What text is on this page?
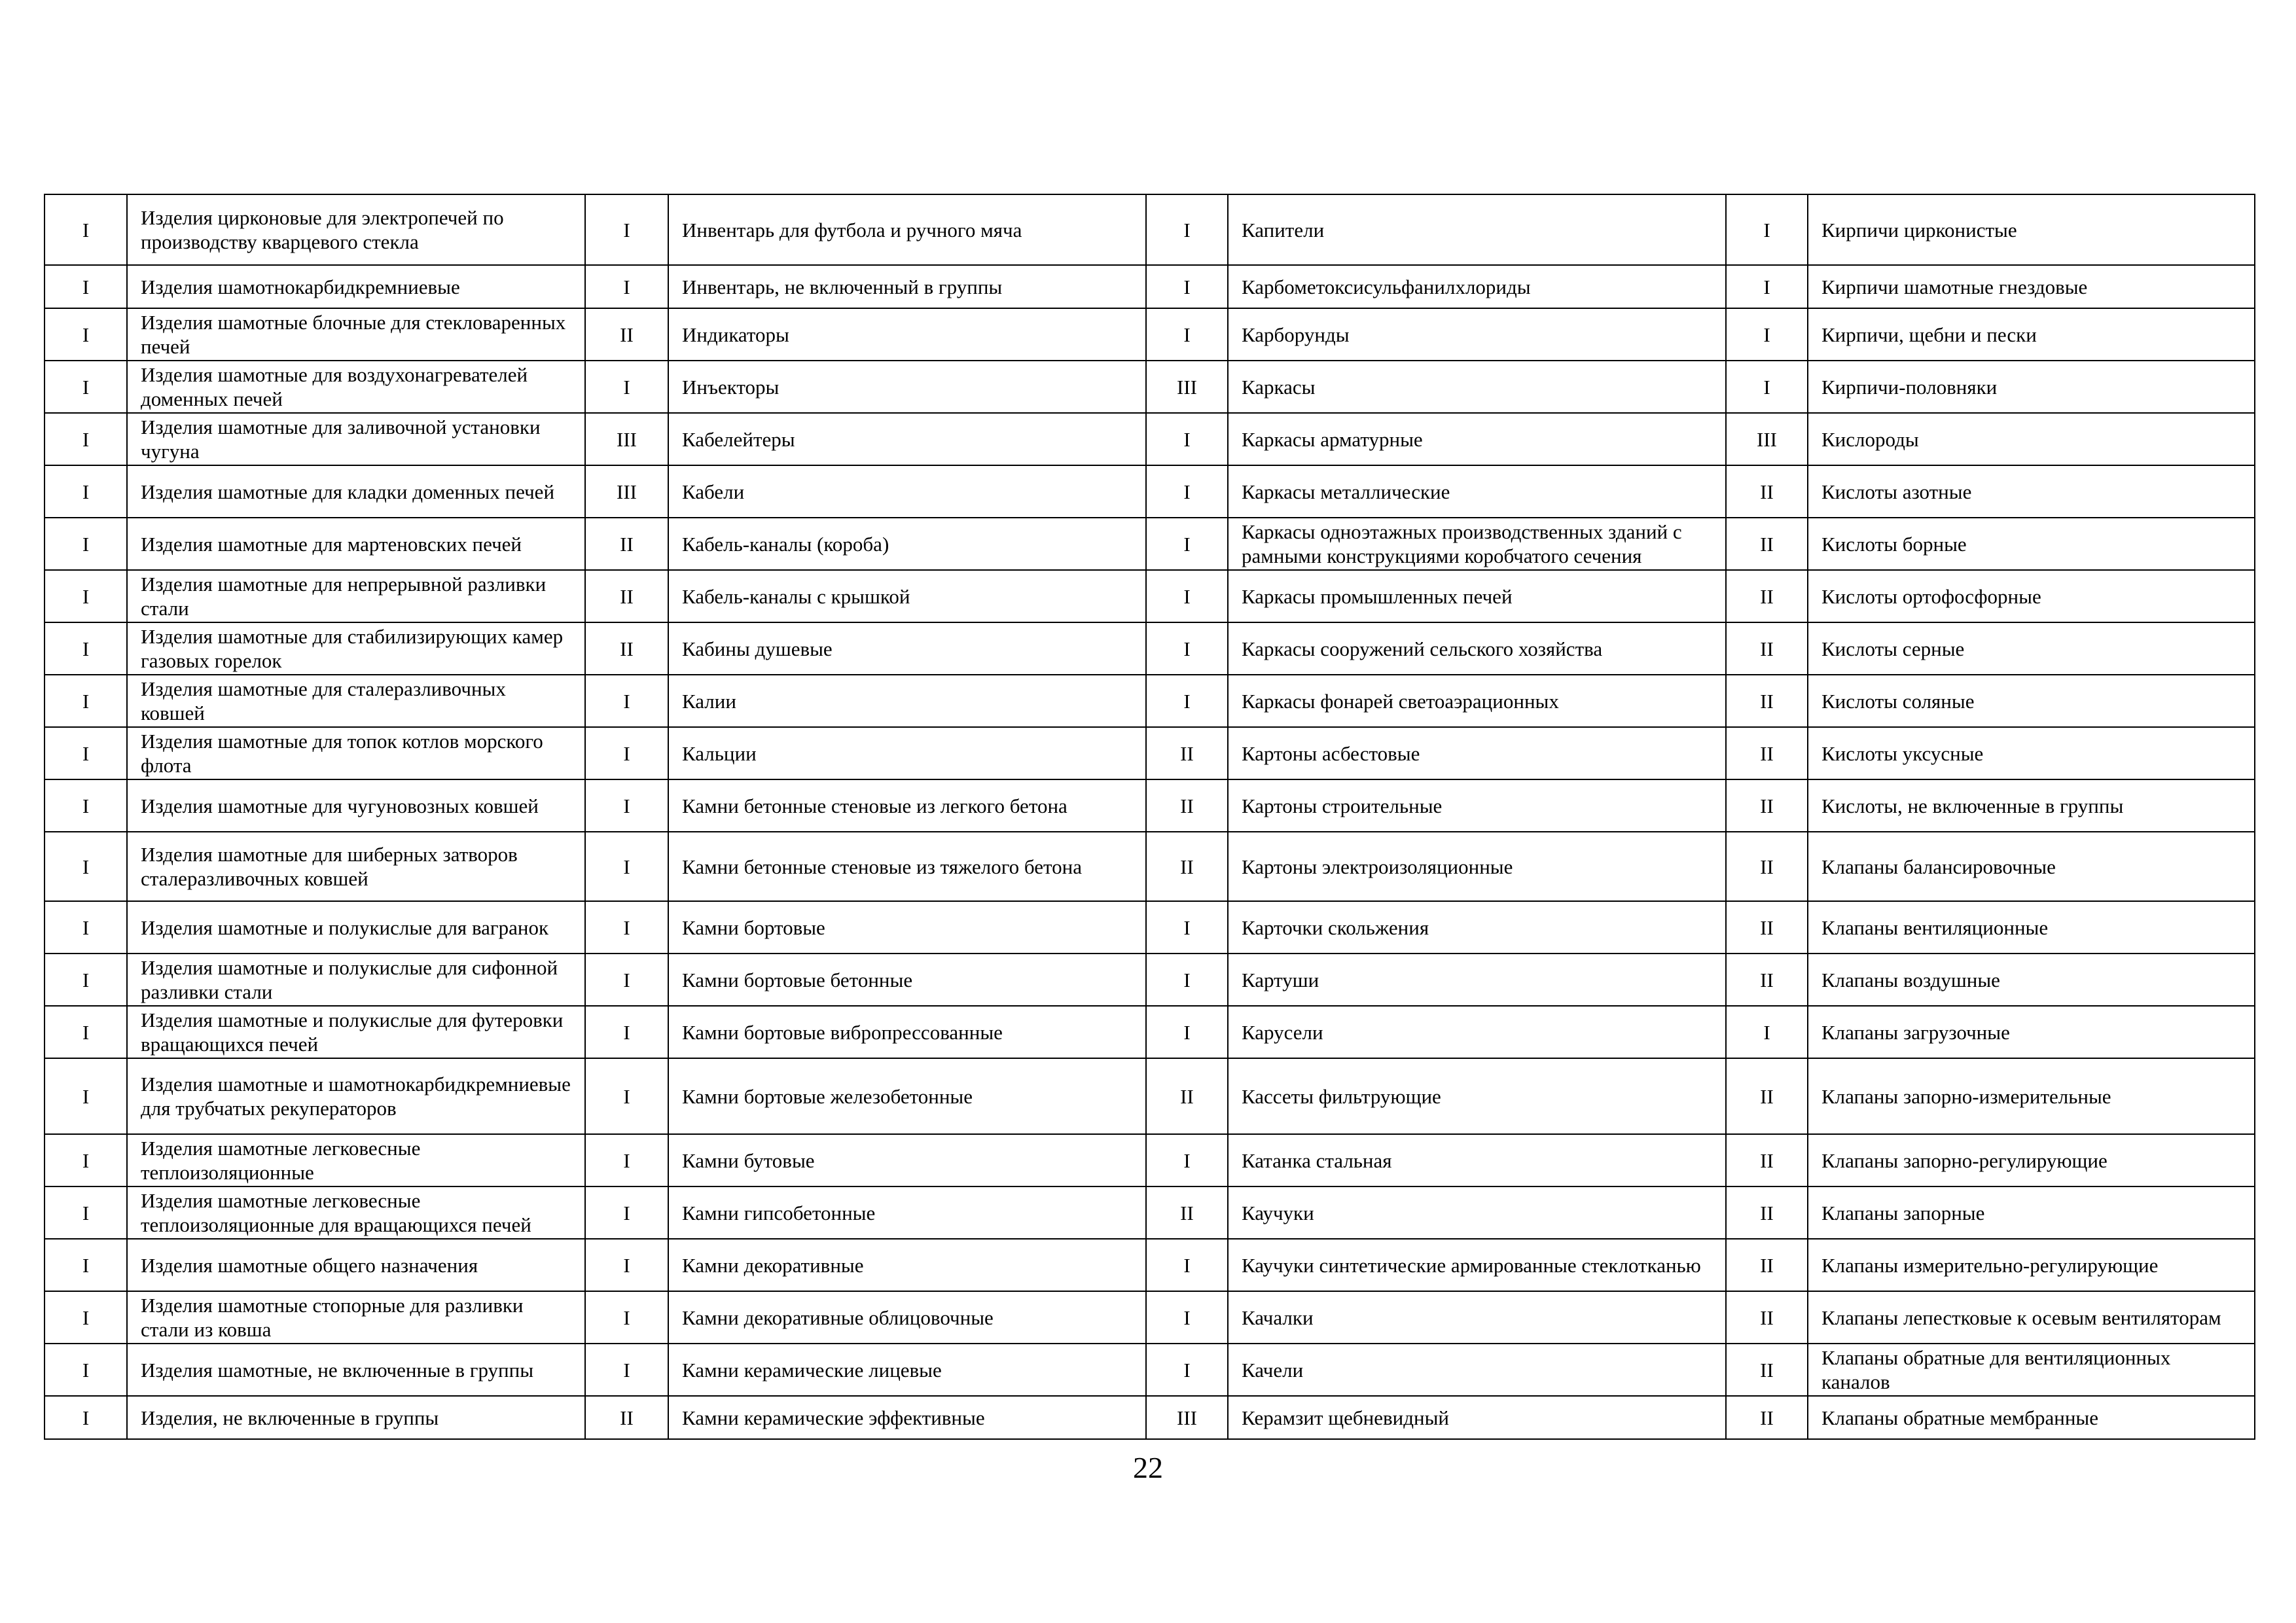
I	Изделия цирконовые для электропечей по производству кварцевого стекла	I	Инвентарь для футбола и ручного мяча	I	Капители	I	Кирпичи цирконистые
I	Изделия шамотнокарбидкремниевые	I	Инвентарь, не включенный в группы	I	Карбометоксисульфанилхлориды	I	Кирпичи шамотные гнездовые
I	Изделия шамотные блочные для стекловаренных печей	II	Индикаторы	I	Карборунды	I	Кирпичи, щебни и пески
I	Изделия шамотные для воздухонагревателей доменных печей	I	Инъекторы	III	Каркасы	I	Кирпичи-половняки
I	Изделия шамотные для заливочной установки чугуна	III	Кабелейтеры	I	Каркасы арматурные	III	Кислороды
I	Изделия шамотные для кладки доменных печей	III	Кабели	I	Каркасы металлические	II	Кислоты азотные
I	Изделия шамотные для мартеновских печей	II	Кабель-каналы (короба)	I	Каркасы одноэтажных производственных зданий с рамными конструкциями коробчатого сечения	II	Кислоты борные
I	Изделия шамотные для непрерывной разливки стали	II	Кабель-каналы с крышкой	I	Каркасы промышленных печей	II	Кислоты ортофосфорные
I	Изделия шамотные для стабилизирующих камер газовых горелок	II	Кабины душевые	I	Каркасы сооружений сельского хозяйства	II	Кислоты серные
I	Изделия шамотные для сталеразливочных ковшей	I	Калии	I	Каркасы фонарей светоаэрационных	II	Кислоты соляные
I	Изделия шамотные для топок котлов морского флота	I	Кальции	II	Картоны асбестовые	II	Кислоты уксусные
I	Изделия шамотные для чугуновозных ковшей	I	Камни бетонные стеновые из легкого бетона	II	Картоны строительные	II	Кислоты, не включенные в группы
I	Изделия шамотные для шиберных затворов сталеразливочных ковшей	I	Камни бетонные стеновые из тяжелого бетона	II	Картоны электроизоляционные	II	Клапаны балансировочные
I	Изделия шамотные и полукислые для вагранок	I	Камни бортовые	I	Карточки скольжения	II	Клапаны вентиляционные
I	Изделия шамотные и полукислые для сифонной разливки стали	I	Камни бортовые бетонные	I	Картуши	II	Клапаны воздушные
I	Изделия шамотные и полукислые для футеровки вращающихся печей	I	Камни бортовые вибропрессованные	I	Карусели	I	Клапаны загрузочные
I	Изделия шамотные и шамотнокарбидкремниевые для трубчатых рекуператоров	I	Камни бортовые железобетонные	II	Кассеты фильтрующие	II	Клапаны запорно-измерительные
I	Изделия шамотные легковесные теплоизоляционные	I	Камни бутовые	I	Катанка стальная	II	Клапаны запорно-регулирующие
I	Изделия шамотные легковесные теплоизоляционные для вращающихся печей	I	Камни гипсобетонные	II	Каучуки	II	Клапаны запорные
I	Изделия шамотные общего назначения	I	Камни декоративные	I	Каучуки синтетические армированные стеклотканью	II	Клапаны измерительно-регулирующие
I	Изделия шамотные стопорные для разливки стали из ковша	I	Камни декоративные облицовочные	I	Качалки	II	Клапаны лепестковые к осевым вентиляторам
I	Изделия шамотные, не включенные в группы	I	Камни керамические лицевые	I	Качели	II	Клапаны обратные для вентиляционных каналов
I	Изделия, не включенные в группы	II	Камни керамические эффективные	III	Керамзит щебневидный	II	Клапаны обратные мембранные
22
